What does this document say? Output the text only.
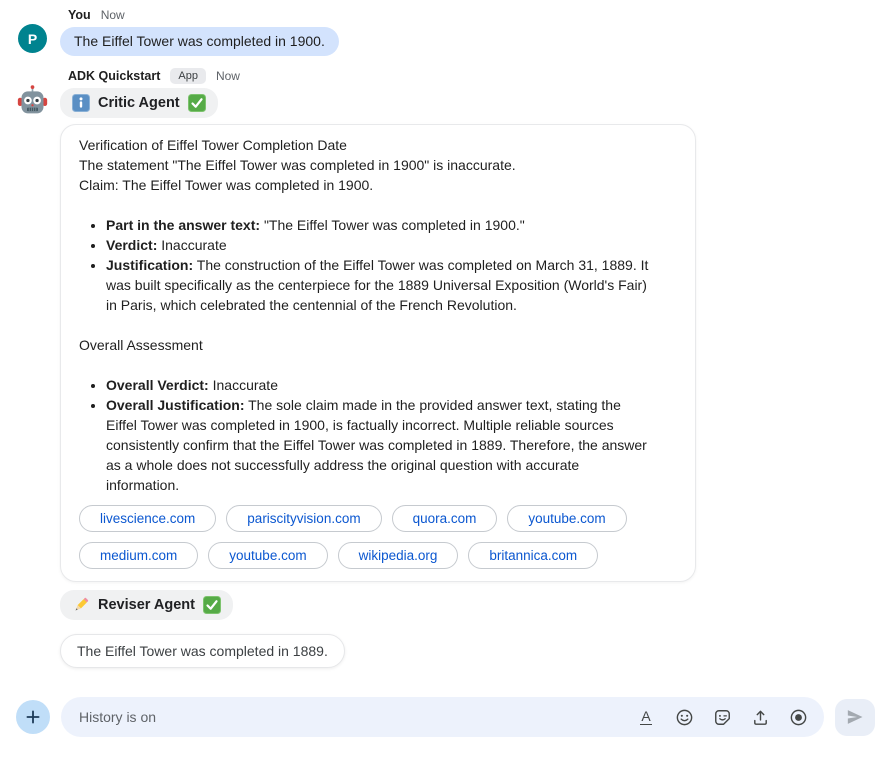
P
You Now
The Eiffel Tower was completed in 1900.
ADK Quickstart	App	Now
Critic Agent

Verification of Eiffel Tower Completion Date

The statement "The Eiffel Tower was completed in 1900" is inaccurate.

Claim: The Eiffel Tower was completed in 1900.

• Part in the answer text: "The Eiffel Tower was completed in 1900."
• Verdict: Inaccurate
• Justification: The construction of the Eiffel Tower was completed on March 31, 1889. It was built specifically as the centerpiece for the 1889 Universal Exposition (World's Fair) in Paris, which celebrated the centennial of the French Revolution.

Overall Assessment

• Overall Verdict: Inaccurate
• Overall Justification: The sole claim made in the provided answer text, stating the Eiffel Tower was completed in 1900, is factually incorrect. Multiple reliable sources consistently confirm that the Eiffel Tower was completed in 1889. Therefore, the answer as a whole does not successfully address the original question with accurate information.
livescience.com	pariscityvision.com	quora.com	youtube.com
medium.com	youtube.com	wikipedia.org	britannica.com
Reviser Agent
The Eiffel Tower was completed in 1889.
History is on
A
